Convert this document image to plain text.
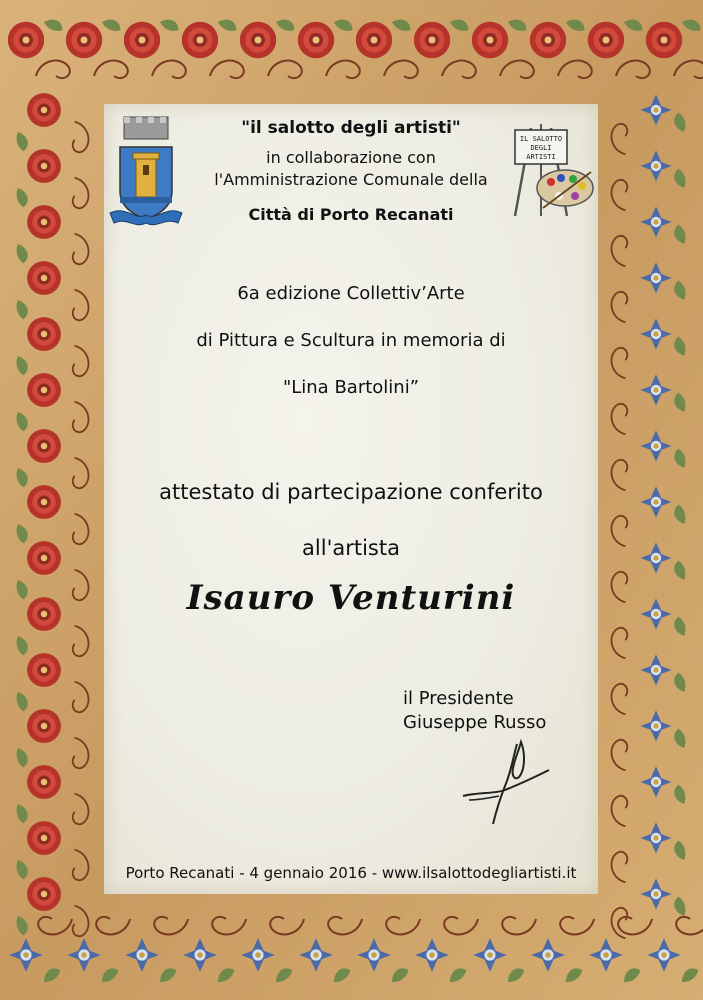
IL SALOTTO
DEGLI
ARTISTI
"il salotto degli artisti"
in collaborazione con
l'Amministrazione Comunale della
Città di Porto Recanati
6a edizione Collettiv’Arte
di Pittura e Scultura in memoria di
"Lina Bartolini”
attestato di partecipazione conferito
all'artista
Isauro Venturini
il Presidente
Giuseppe Russo
Porto Recanati - 4 gennaio 2016 - www.ilsalottodegliartisti.it
